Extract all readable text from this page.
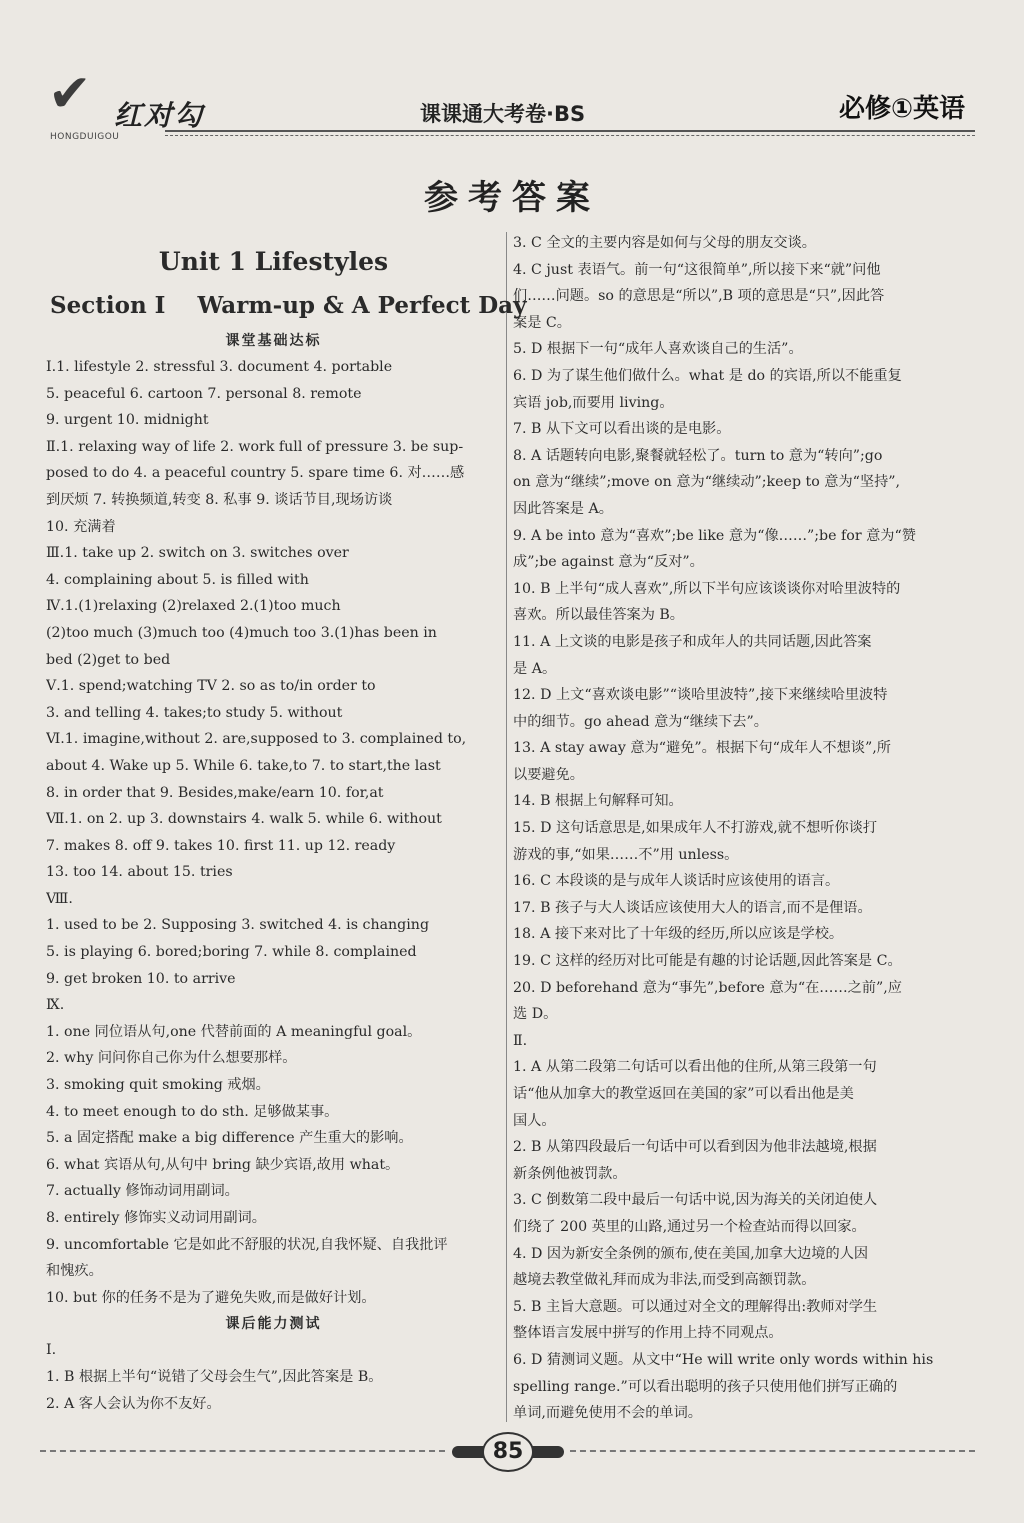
✔ 红对勾
HONGDUIGOU
课课通大考卷·BS	必修①英语
参考答案
Unit 1 Lifestyles
Section Ⅰ    Warm-up & A Perfect Day
课堂基础达标
Ⅰ.1. lifestyle 2. stressful 3. document 4. portable
5. peaceful 6. cartoon 7. personal 8. remote
9. urgent 10. midnight
Ⅱ.1. relaxing way of life 2. work full of pressure 3. be sup-
posed to do 4. a peaceful country 5. spare time 6. 对……感
到厌烦 7. 转换频道,转变 8. 私事 9. 谈话节目,现场访谈
10. 充满着
Ⅲ.1. take up 2. switch on 3. switches over
4. complaining about 5. is filled with
Ⅳ.1.(1)relaxing (2)relaxed 2.(1)too much
(2)too much (3)much too (4)much too 3.(1)has been in
bed (2)get to bed
Ⅴ.1. spend;watching TV 2. so as to/in order to
3. and telling 4. takes;to study 5. without
Ⅵ.1. imagine,without 2. are,supposed to 3. complained to,
about 4. Wake up 5. While 6. take,to 7. to start,the last
8. in order that 9. Besides,make/earn 10. for,at
Ⅶ.1. on 2. up 3. downstairs 4. walk 5. while 6. without
7. makes 8. off 9. takes 10. first 11. up 12. ready
13. too 14. about 15. tries
Ⅷ.
1. used to be 2. Supposing 3. switched 4. is changing
5. is playing 6. bored;boring 7. while 8. complained
9. get broken 10. to arrive
Ⅸ.
1. one 同位语从句,one 代替前面的 A meaningful goal。
2. why 问问你自己你为什么想要那样。
3. smoking quit smoking 戒烟。
4. to meet enough to do sth. 足够做某事。
5. a 固定搭配 make a big difference 产生重大的影响。
6. what 宾语从句,从句中 bring 缺少宾语,故用 what。
7. actually 修饰动词用副词。
8. entirely 修饰实义动词用副词。
9. uncomfortable 它是如此不舒服的状况,自我怀疑、自我批评
和愧疚。
10. but 你的任务不是为了避免失败,而是做好计划。
课后能力测试
Ⅰ.
1. B 根据上半句“说错了父母会生气”,因此答案是 B。
2. A 客人会认为你不友好。
3. C 全文的主要内容是如何与父母的朋友交谈。
4. C just 表语气。前一句“这很简单”,所以接下来“就”问他
们……问题。so 的意思是“所以”,B 项的意思是“只”,因此答
案是 C。
5. D 根据下一句“成年人喜欢谈自己的生活”。
6. D 为了谋生他们做什么。what 是 do 的宾语,所以不能重复
宾语 job,而要用 living。
7. B 从下文可以看出谈的是电影。
8. A 话题转向电影,聚餐就轻松了。turn to 意为“转向”;go
on 意为“继续”;move on 意为“继续动”;keep to 意为“坚持”,
因此答案是 A。
9. A be into 意为“喜欢”;be like 意为“像……”;be for 意为“赞
成”;be against 意为“反对”。
10. B 上半句“成人喜欢”,所以下半句应该谈谈你对哈里波特的
喜欢。所以最佳答案为 B。
11. A 上文谈的电影是孩子和成年人的共同话题,因此答案
是 A。
12. D 上文“喜欢谈电影”“谈哈里波特”,接下来继续哈里波特
中的细节。go ahead 意为“继续下去”。
13. A stay away 意为“避免”。根据下句“成年人不想谈”,所
以要避免。
14. B 根据上句解释可知。
15. D 这句话意思是,如果成年人不打游戏,就不想听你谈打
游戏的事,“如果……不”用 unless。
16. C 本段谈的是与成年人谈话时应该使用的语言。
17. B 孩子与大人谈话应该使用大人的语言,而不是俚语。
18. A 接下来对比了十年级的经历,所以应该是学校。
19. C 这样的经历对比可能是有趣的讨论话题,因此答案是 C。
20. D beforehand 意为“事先”,before 意为“在……之前”,应
选 D。
Ⅱ.
1. A 从第二段第二句话可以看出他的住所,从第三段第一句
话“他从加拿大的教堂返回在美国的家”可以看出他是美
国人。
2. B 从第四段最后一句话中可以看到因为他非法越境,根据
新条例他被罚款。
3. C 倒数第二段中最后一句话中说,因为海关的关闭迫使人
们绕了 200 英里的山路,通过另一个检查站而得以回家。
4. D 因为新安全条例的颁布,使在美国,加拿大边境的人因
越境去教堂做礼拜而成为非法,而受到高额罚款。
5. B 主旨大意题。可以通过对全文的理解得出:教师对学生
整体语言发展中拼写的作用上持不同观点。
6. D 猜测词义题。从文中“He will write only words within his
spelling range.”可以看出聪明的孩子只使用他们拼写正确的
单词,而避免使用不会的单词。
85
